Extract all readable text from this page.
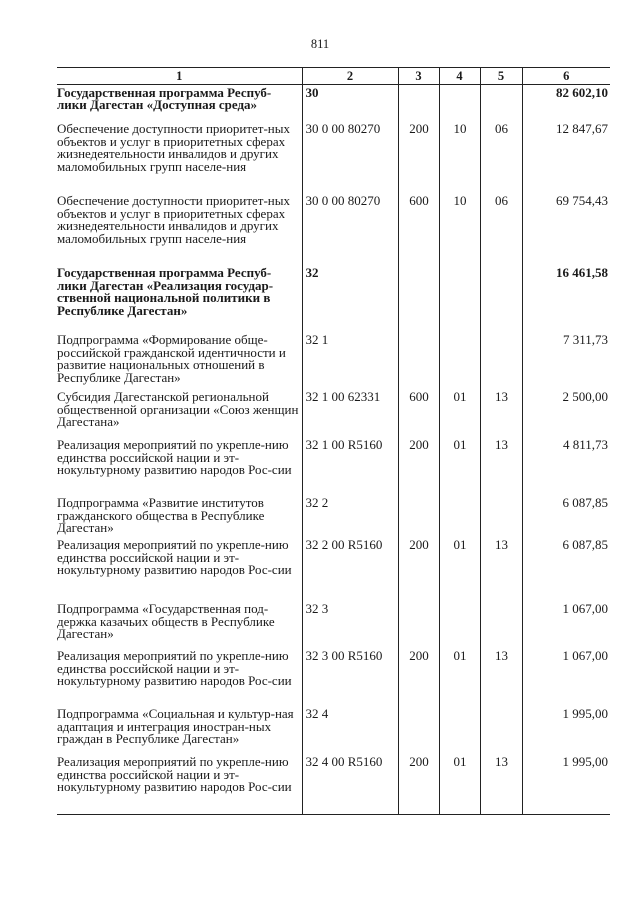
811
1	2	3	4	5	6
Государственная программа Респуб-лики Дагестан «Доступная среда»	30				82 602,10
Обеспечение доступности приоритет-ных объектов и услуг в приоритетных сферах жизнедеятельности инвалидов и других маломобильных групп населе-ния	30 0 00 80270	200	10	06	12 847,67
Обеспечение доступности приоритет-ных объектов и услуг в приоритетных сферах жизнедеятельности инвалидов и других маломобильных групп населе-ния	30 0 00 80270	600	10	06	69 754,43
Государственная программа Респуб-лики Дагестан «Реализация государ-ственной национальной политики в Республике Дагестан»	32				16 461,58
Подпрограмма «Формирование обще-российской гражданской идентичности и развитие национальных отношений в Республике Дагестан»	32 1				7 311,73
Субсидия Дагестанской региональной общественной организации «Союз женщин Дагестана»	32 1 00 62331	600	01	13	2 500,00
Реализация мероприятий по укрепле-нию единства российской нации и эт-нокультурному развитию народов Рос-сии	32 1 00 R5160	200	01	13	4 811,73
Подпрограмма «Развитие институтов гражданского общества в Республике Дагестан»	32 2				6 087,85
Реализация мероприятий по укрепле-нию единства российской нации и эт-нокультурному развитию народов Рос-сии	32 2 00 R5160	200	01	13	6 087,85
Подпрограмма «Государственная под-держка казачьих обществ в Республике Дагестан»	32 3				1 067,00
Реализация мероприятий по укрепле-нию единства российской нации и эт-нокультурному развитию народов Рос-сии	32 3 00 R5160	200	01	13	1 067,00
Подпрограмма «Социальная и культур-ная адаптация и интеграция иностран-ных граждан в Республике Дагестан»	32 4				1 995,00
Реализация мероприятий по укрепле-нию единства российской нации и эт-нокультурному развитию народов Рос-сии	32 4 00 R5160	200	01	13	1 995,00
